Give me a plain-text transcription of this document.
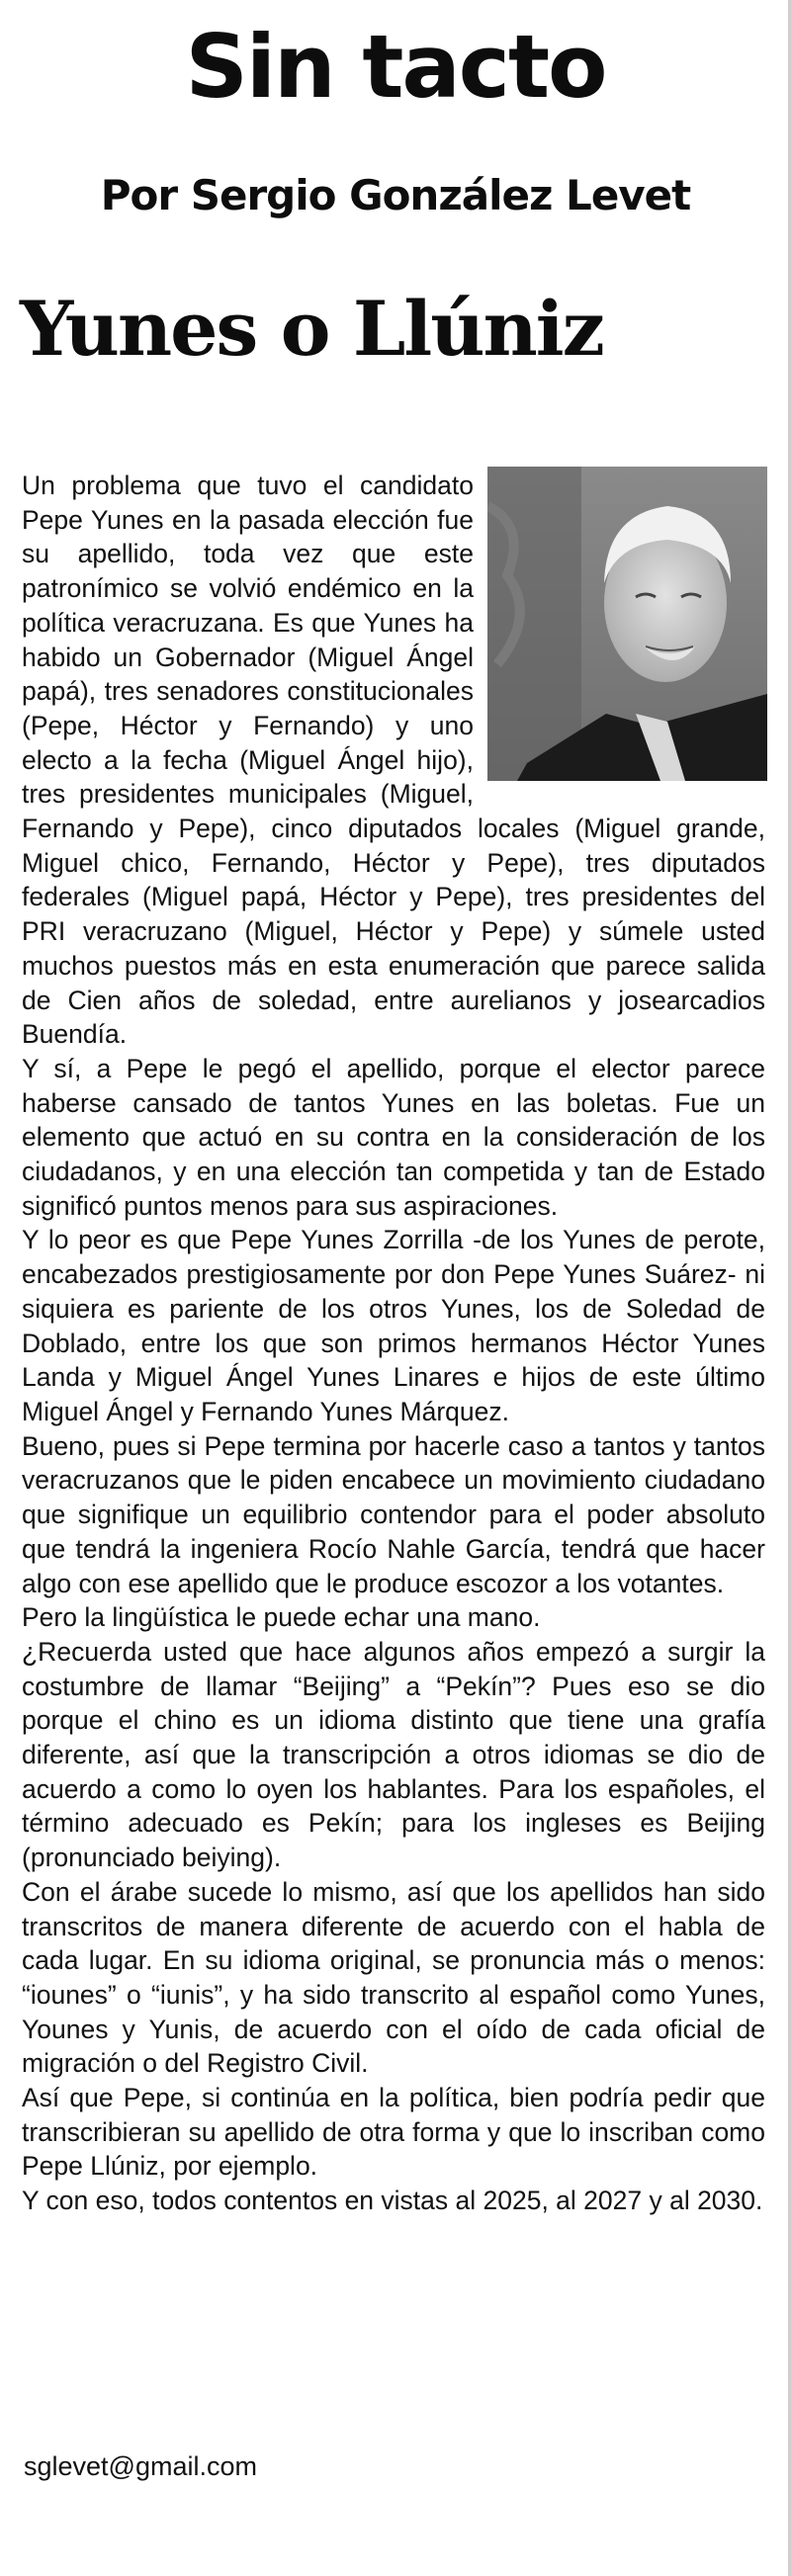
Sin tacto
Por Sergio González Levet
Yunes o Llúniz

Un problema que tuvo el candidato Pepe Yunes en la pasada elección fue su apellido, toda vez que este patronímico se volvió endémico en la política veracruzana. Es que Yunes ha habido un Gobernador (Miguel Ángel papá), tres senadores constitucionales (Pepe, Héctor y Fernando) y uno electo a la fecha (Miguel Ángel hijo), tres presidentes municipales (Miguel, Fernando y Pepe), cinco diputados locales (Miguel grande, Miguel chico, Fernando, Héctor y Pepe), tres diputados federales (Miguel papá, Héctor y Pepe), tres presidentes del PRI veracruzano (Miguel, Héctor y Pepe) y súmele usted muchos puestos más en esta enumeración que parece salida de Cien años de soledad, entre aurelianos y josearcadios Buendía.

Y sí, a Pepe le pegó el apellido, porque el elector parece haberse cansado de tantos Yunes en las boletas. Fue un elemento que actuó en su contra en la consideración de los ciudadanos, y en una elección tan competida y tan de Estado significó puntos menos para sus aspiraciones.

Y lo peor es que Pepe Yunes Zorrilla -de los Yunes de perote, encabezados prestigiosamente por don Pepe Yunes Suárez- ni siquiera es pariente de los otros Yunes, los de Soledad de Doblado, entre los que son primos hermanos Héctor Yunes Landa y Miguel Ángel Yunes Linares e hijos de este último Miguel Ángel y Fernando Yunes Márquez.

Bueno, pues si Pepe termina por hacerle caso a tantos y tantos veracruzanos que le piden encabece un movimiento ciudadano que signifique un equilibrio contendor para el poder absoluto que tendrá la ingeniera Rocío Nahle García, tendrá que hacer algo con ese apellido que le produce escozor a los votantes.

Pero la lingüística le puede echar una mano.

¿Recuerda usted que hace algunos años empezó a surgir la costumbre de llamar “Beijing” a “Pekín”? Pues eso se dio porque el chino es un idioma distinto que tiene una grafía diferente, así que la transcripción a otros idiomas se dio de acuerdo a como lo oyen los hablantes. Para los españoles, el término adecuado es Pekín; para los ingleses es Beijing (pronunciado beiying).

Con el árabe sucede lo mismo, así que los apellidos han sido transcritos de manera diferente de acuerdo con el habla de cada lugar. En su idioma original, se pronuncia más o menos: “iounes” o “iunis”, y ha sido transcrito al español como Yunes, Younes y Yunis, de acuerdo con el oído de cada oficial de migración o del Registro Civil.

Así que Pepe, si continúa en la política, bien podría pedir que transcribieran su apellido de otra forma y que lo inscriban como Pepe Llúniz, por ejemplo.

Y con eso, todos contentos en vistas al 2025, al 2027 y al 2030.

sglevet@gmail.com
